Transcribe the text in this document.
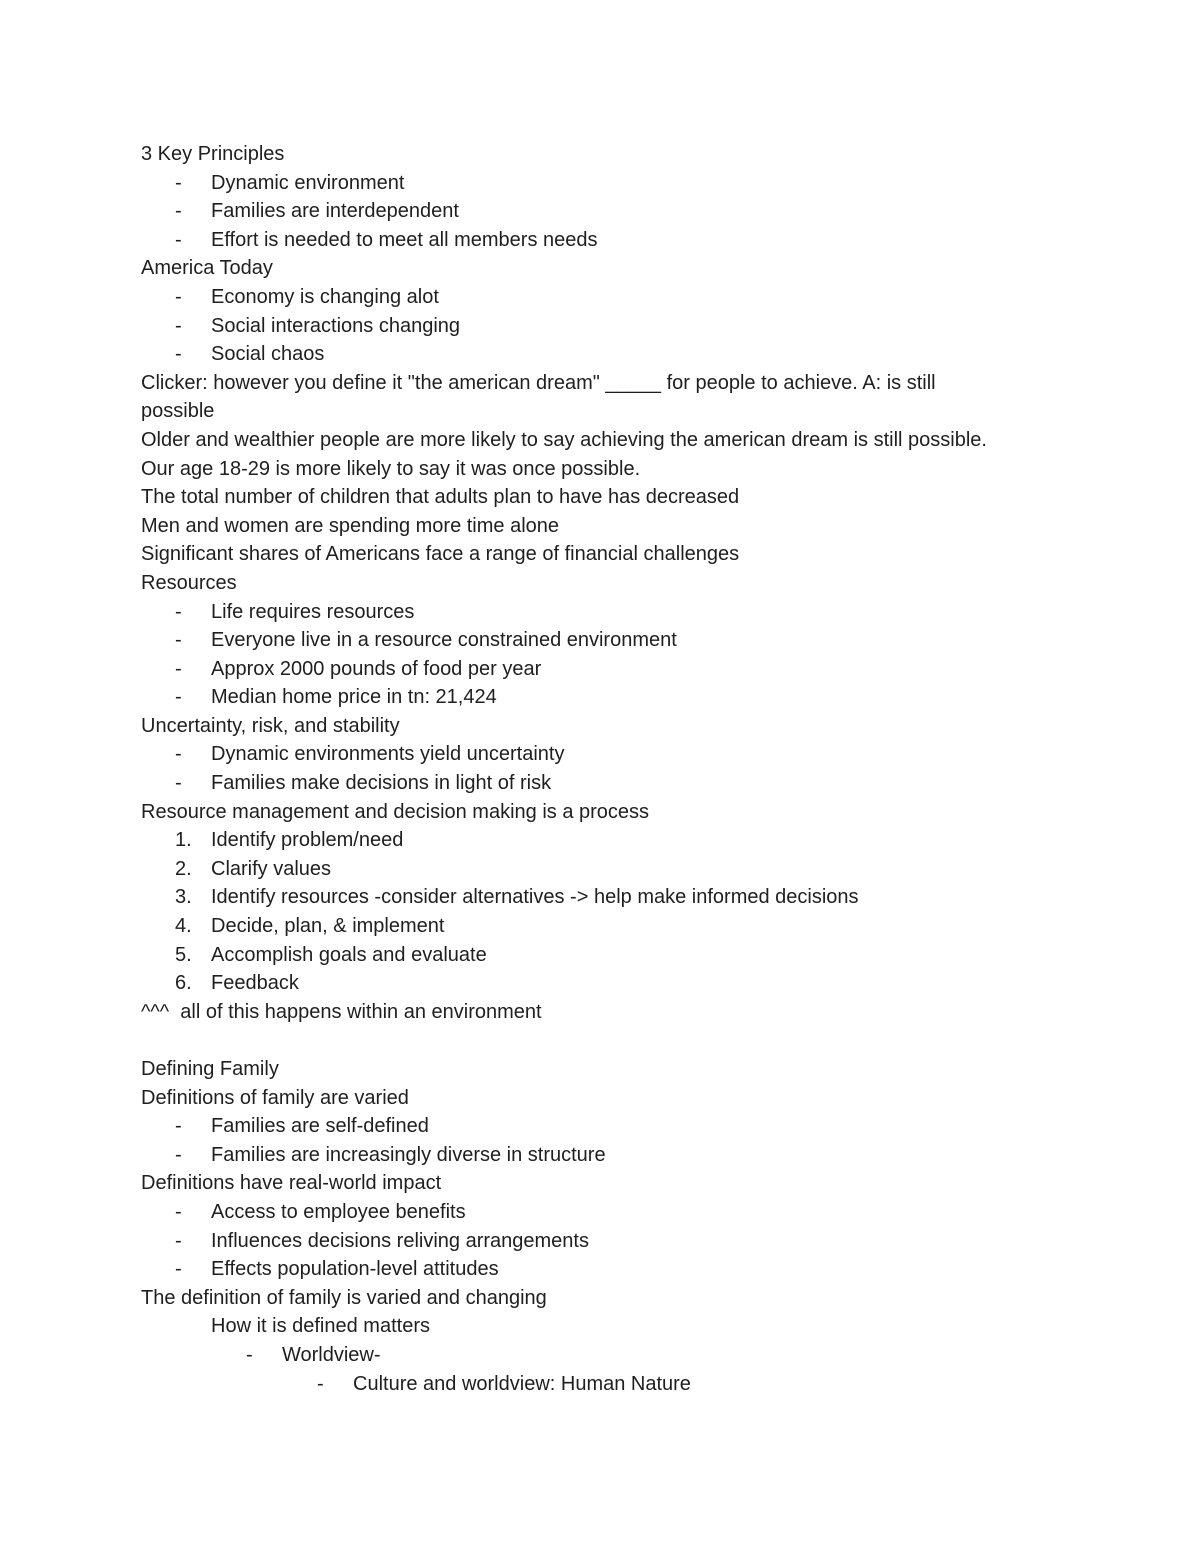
3 Key Principles
- Dynamic environment
- Families are interdependent
- Effort is needed to meet all members needs
America Today
- Economy is changing alot
- Social interactions changing
- Social chaos
Clicker: however you define it "the american dream" _____ for people to achieve. A: is still possible
Older and wealthier people are more likely to say achieving the american dream is still possible.
Our age 18-29 is more likely to say it was once possible.
The total number of children that adults plan to have has decreased
Men and women are spending more time alone
Significant shares of Americans face a range of financial challenges
Resources
- Life requires resources
- Everyone live in a resource constrained environment
- Approx 2000 pounds of food per year
- Median home price in tn: 21,424
Uncertainty, risk, and stability
- Dynamic environments yield uncertainty
- Families make decisions in light of risk
Resource management and decision making is a process
1. Identify problem/need
2. Clarify values
3. Identify resources -consider alternatives -> help make informed decisions
4. Decide, plan, & implement
5. Accomplish goals and evaluate
6. Feedback
^^^  all of this happens within an environment
Defining Family
Definitions of family are varied
- Families are self-defined
- Families are increasingly diverse in structure
Definitions have real-world impact
- Access to employee benefits
- Influences decisions reliving arrangements
- Effects population-level attitudes
The definition of family is varied and changing
How it is defined matters
- Worldview-
- Culture and worldview: Human Nature
